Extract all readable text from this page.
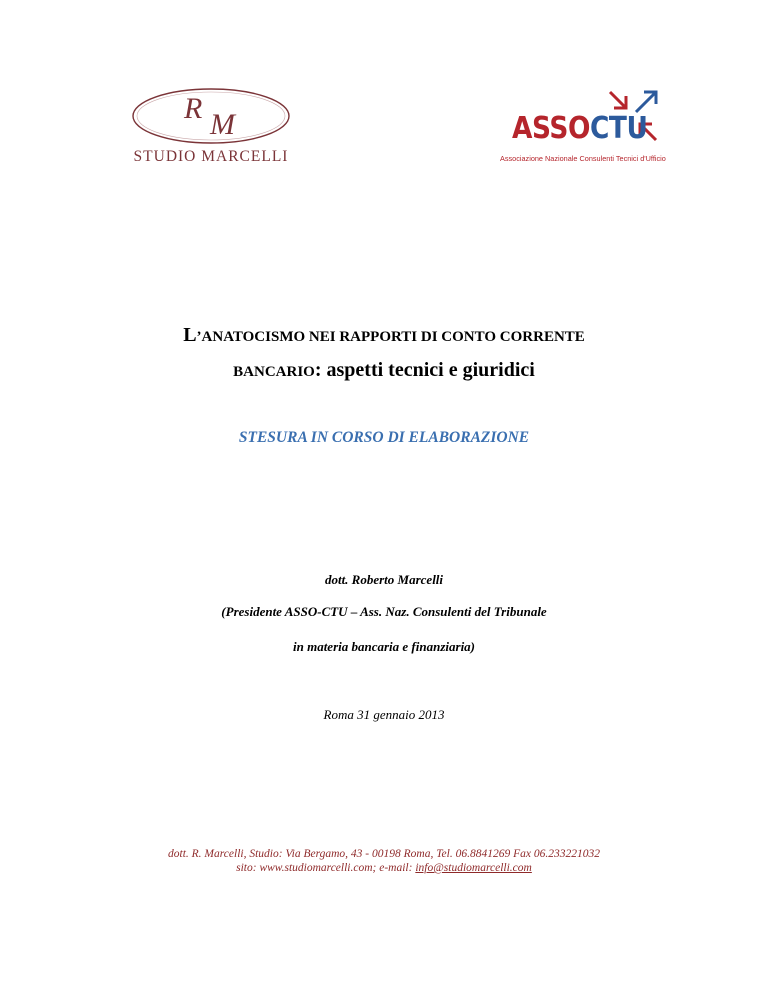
R M
STUDIO MARCELLI
ASSOCTU
Associazione Nazionale Consulenti Tecnici d'Ufficio
L’ANATOCISMO NEI RAPPORTI DI CONTO CORRENTE
BANCARIO: aspetti tecnici e giuridici
STESURA IN CORSO DI ELABORAZIONE
dott. Roberto Marcelli
(Presidente ASSO-CTU – Ass. Naz. Consulenti del Tribunale
in materia bancaria e finanziaria)
Roma 31 gennaio 2013
dott. R. Marcelli, Studio: Via Bergamo, 43 - 00198 Roma, Tel. 06.8841269 Fax 06.233221032
sito: www.studiomarcelli.com; e-mail: info@studiomarcelli.com
